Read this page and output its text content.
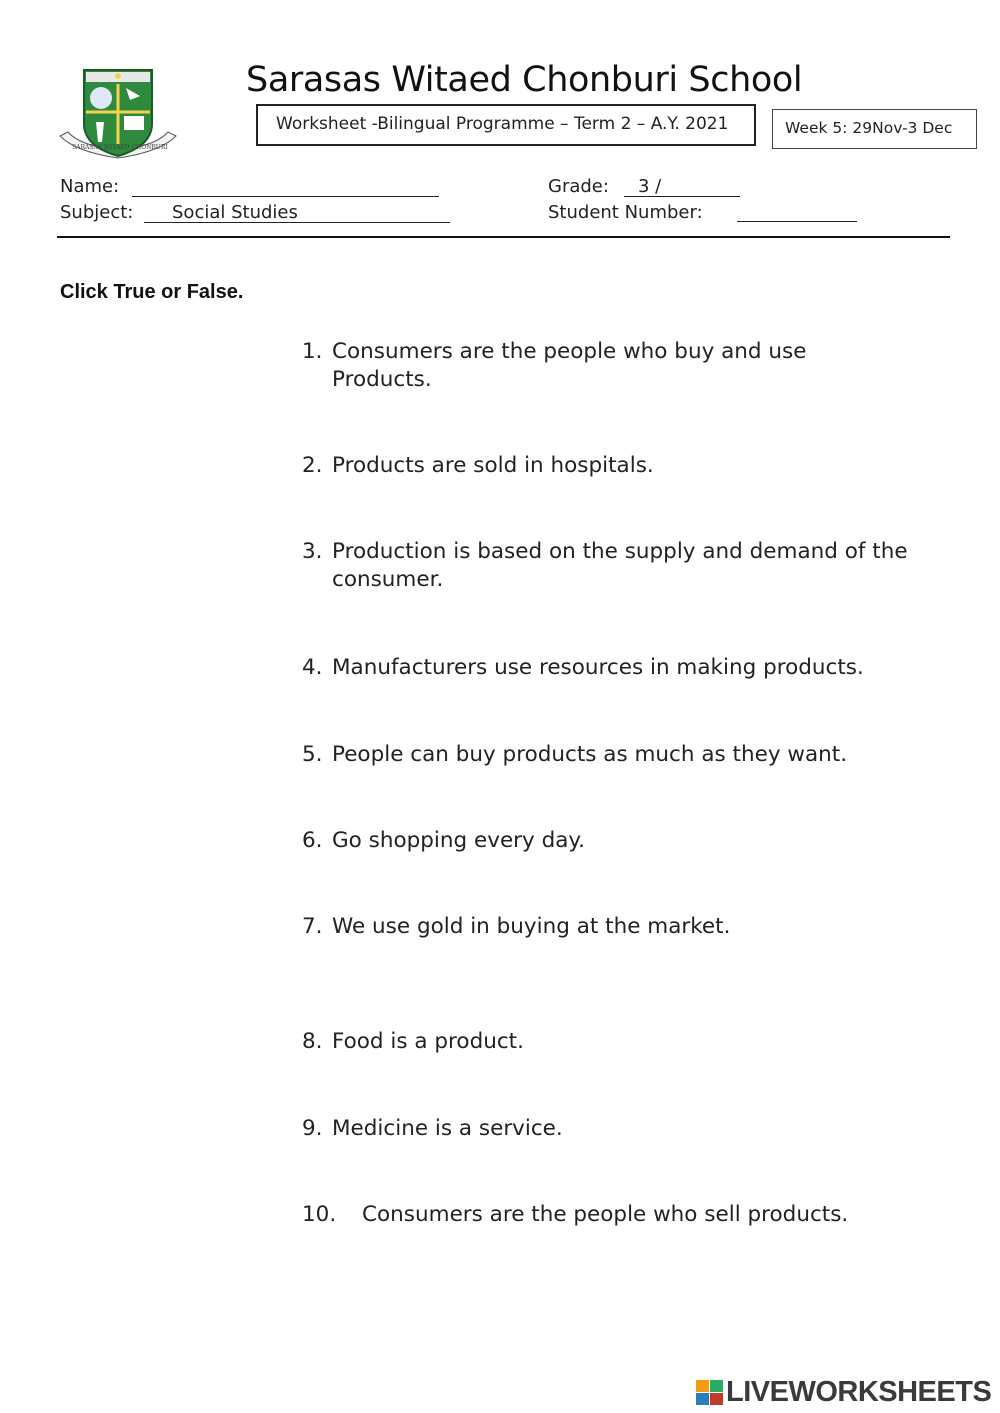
SARASAS WITAED CHONBURI
Sarasas Witaed Chonburi School
Worksheet -Bilingual Programme – Term 2 – A.Y. 2021	Week 5: 29Nov-3 Dec
Name:	Grade: 3 /
Subject: Social Studies	Student Number:
Click True or False.
1. Consumers are the people who buy and use
Products.
2. Products are sold in hospitals.
3. Production is based on the supply and demand of the
consumer.
4. Manufacturers use resources in making products.
5. People can buy products as much as they want.
6. Go shopping every day.
7. We use gold in buying at the market.
8. Food is a product.
9. Medicine is a service.
10. Consumers are the people who sell products.
LIVEWORKSHEETS
